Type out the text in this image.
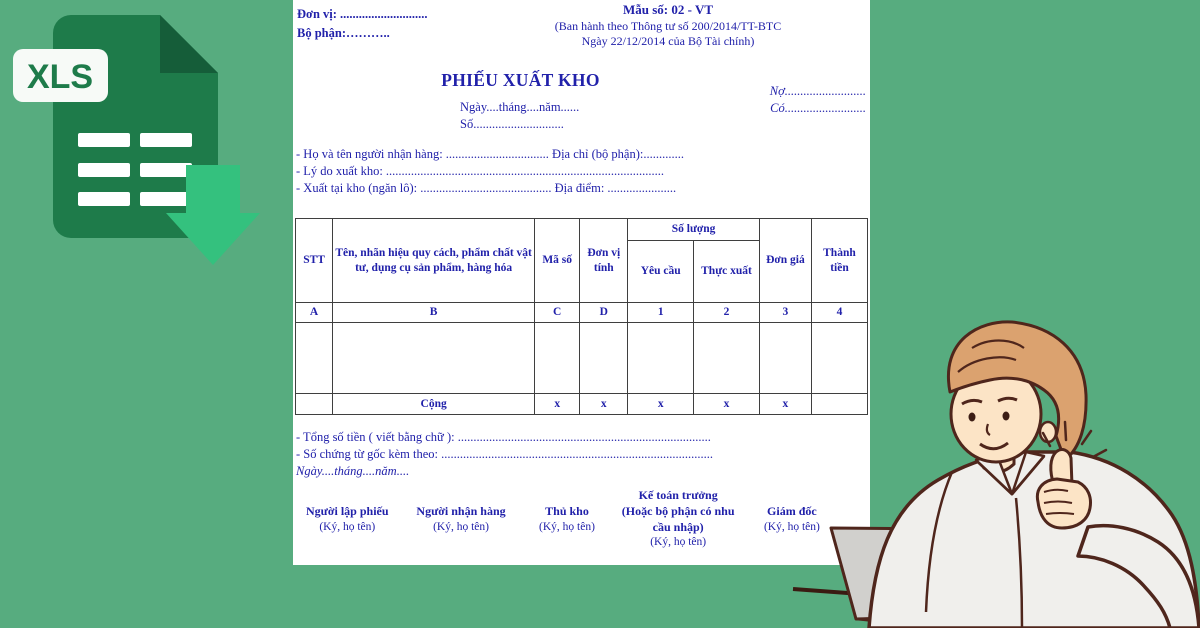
Đơn vị: ............................
Bộ phận:………..
Mẫu số: 02 - VT
(Ban hành theo Thông tư số 200/2014/TT-BTC
Ngày 22/12/2014 của Bộ Tài chính)
PHIẾU XUẤT KHO
Ngày....tháng....năm......
Số.............................
Nợ..........................
Có..........................
- Họ và tên người nhận hàng: ................................. Địa chỉ (bộ phận):.............
- Lý do xuất kho: .........................................................................................
- Xuất tại kho (ngăn lô): .......................................... Địa điểm: ......................
STT	Tên, nhãn hiệu quy cách, phẩm chất vật tư, dụng cụ sản phẩm, hàng hóa	Mã số	Đơn vị tính	Số lượng		Đơn giá	Thành tiền
				Yêu cầu	Thực xuất		
A	B	C	D	1	2	3	4

	Cộng	x	x	x	x	x	
- Tổng số tiền ( viết bằng chữ ): .................................................................................
- Số chứng từ gốc kèm theo: .......................................................................................
Ngày....tháng....năm....
Người lập phiếu
(Ký, họ tên)
Người nhận hàng
(Ký, họ tên)
Thủ kho
(Ký, họ tên)
Kế toán trưởng
(Hoặc bộ phận có nhu cầu nhập)
(Ký, họ tên)
Giám đốc
(Ký, họ tên)
XLS
